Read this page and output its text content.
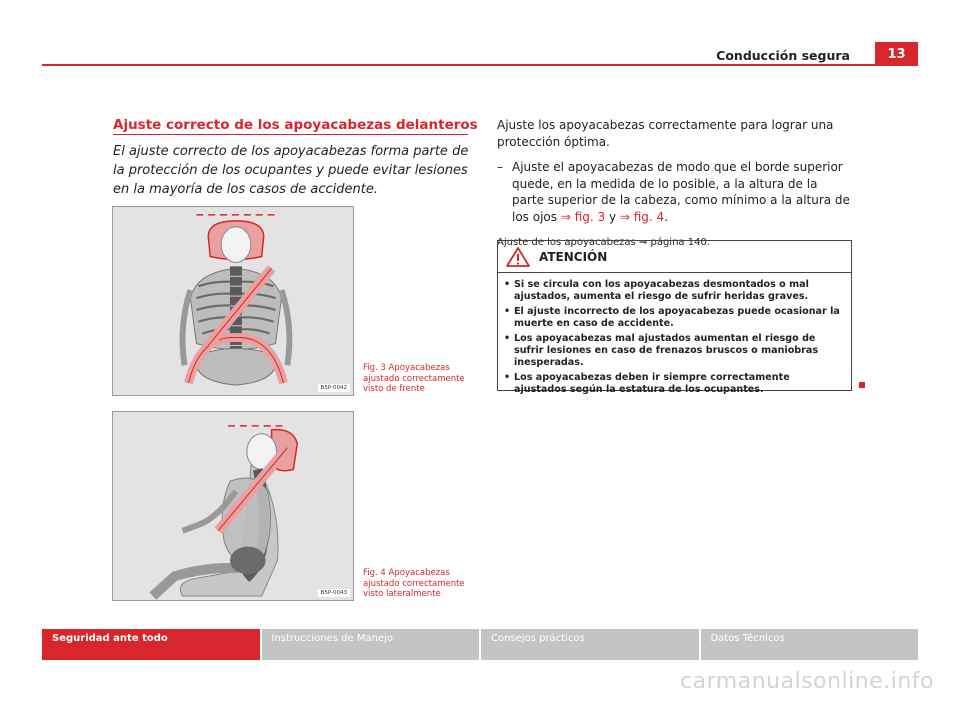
Conducción segura	13
Ajuste correcto de los apoyacabezas delanteros
El ajuste correcto de los apoyacabezas forma parte de la protección de los ocupantes y puede evitar lesiones en la mayoría de los casos de accidente.
B5P-0042
Fig. 3 Apoyacabezas ajustado correctamente visto de frente
B5P-0043
Fig. 4 Apoyacabezas ajustado correctamente visto lateralmente
Ajuste los apoyacabezas correctamente para lograr una protección óptima.
– Ajuste el apoyacabezas de modo que el borde superior quede, en la medida de lo posible, a la altura de la parte superior de la cabeza, como mínimo a la altura de los ojos ⇒ fig. 3 y ⇒ fig. 4.
Ajuste de los apoyacabezas ⇒ página 140.
ATENCIÓN
• Si se circula con los apoyacabezas desmontados o mal ajustados, aumenta el riesgo de sufrir heridas graves.
• El ajuste incorrecto de los apoyacabezas puede ocasionar la muerte en caso de accidente.
• Los apoyacabezas mal ajustados aumentan el riesgo de sufrir lesiones en caso de frenazos bruscos o maniobras inesperadas.
• Los apoyacabezas deben ir siempre correctamente ajustados según la estatura de los ocupantes.
Seguridad ante todo	Instrucciones de Manejo	Consejos prácticos	Datos Técnicos
carmanualsonline.info
